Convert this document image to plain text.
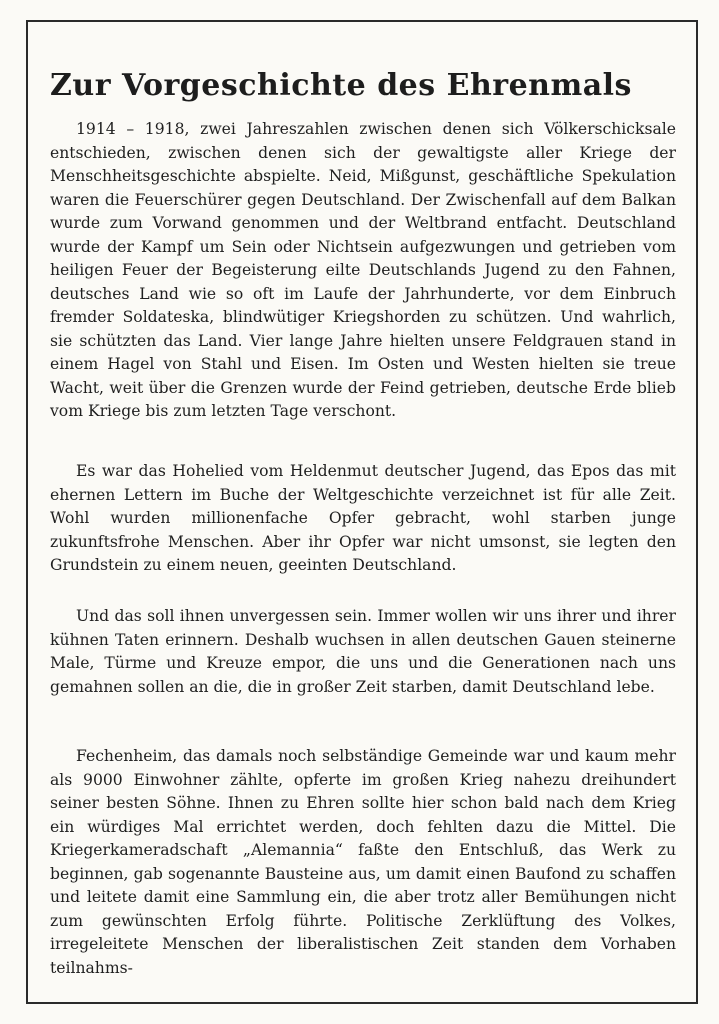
Zur Vorgeschichte des Ehrenmals

1914 – 1918, zwei Jahreszahlen zwischen denen sich Völkerschicksale entschieden, zwischen denen sich der gewaltigste aller Kriege der Menschheitsgeschichte abspielte. Neid, Mißgunst, geschäftliche Spekulation waren die Feuerschürer gegen Deutschland. Der Zwischenfall auf dem Balkan wurde zum Vorwand genommen und der Weltbrand entfacht. Deutschland wurde der Kampf um Sein oder Nichtsein aufgezwungen und getrieben vom heiligen Feuer der Begeisterung eilte Deutschlands Jugend zu den Fahnen, deutsches Land wie so oft im Laufe der Jahrhunderte, vor dem Einbruch fremder Soldateska, blindwütiger Kriegshorden zu schützen. Und wahrlich, sie schützten das Land. Vier lange Jahre hielten unsere Feldgrauen stand in einem Hagel von Stahl und Eisen. Im Osten und Westen hielten sie treue Wacht, weit über die Grenzen wurde der Feind getrieben, deutsche Erde blieb vom Kriege bis zum letzten Tage verschont.

Es war das Hohelied vom Heldenmut deutscher Jugend, das Epos das mit ehernen Lettern im Buche der Weltgeschichte verzeichnet ist für alle Zeit. Wohl wurden millionenfache Opfer gebracht, wohl starben junge zukunftsfrohe Menschen. Aber ihr Opfer war nicht umsonst, sie legten den Grundstein zu einem neuen, geeinten Deutschland.

Und das soll ihnen unvergessen sein. Immer wollen wir uns ihrer und ihrer kühnen Taten erinnern. Deshalb wuchsen in allen deutschen Gauen steinerne Male, Türme und Kreuze empor, die uns und die Generationen nach uns gemahnen sollen an die, die in großer Zeit starben, damit Deutschland lebe.

Fechenheim, das damals noch selbständige Gemeinde war und kaum mehr als 9000 Einwohner zählte, opferte im großen Krieg nahezu dreihundert seiner besten Söhne. Ihnen zu Ehren sollte hier schon bald nach dem Krieg ein würdiges Mal errichtet werden, doch fehlten dazu die Mittel. Die Kriegerkameradschaft „Alemannia“ faßte den Entschluß, das Werk zu beginnen, gab sogenannte Bausteine aus, um damit einen Baufond zu schaffen und leitete damit eine Sammlung ein, die aber trotz aller Bemühungen nicht zum gewünschten Erfolg führte. Politische Zerklüftung des Volkes, irregeleitete Menschen der liberalistischen Zeit standen dem Vorhaben teilnahms-
